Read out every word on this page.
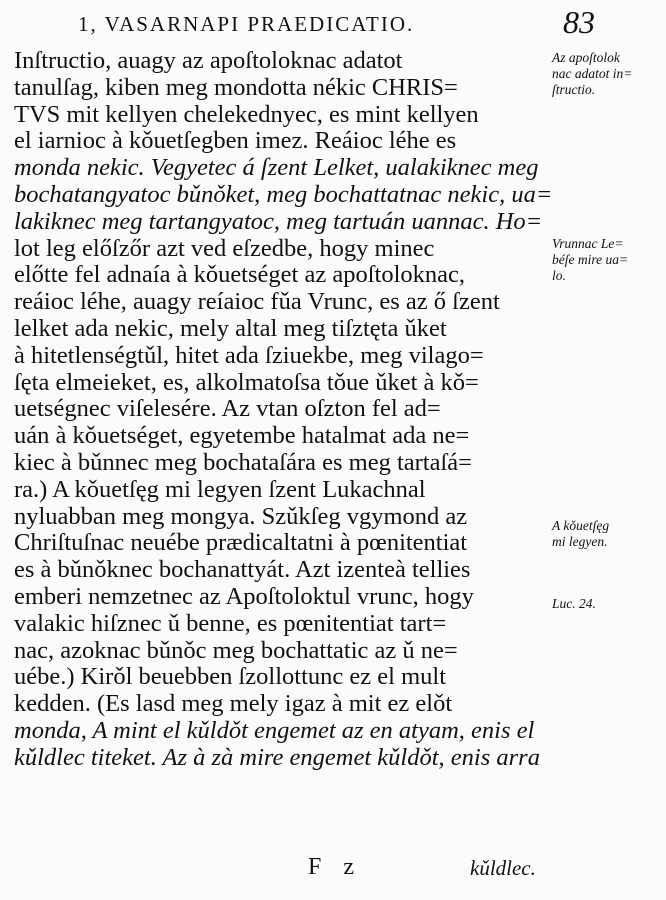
1, VASARNAPI PRAEDICATIO.	83
Inſtructio, auagy az apoſtoloknac adatot
tanulſag, kiben meg mondotta nékic CHRIS=
TVS mit kellyen chelekednyec, es mint kellyen
el iarnioc à kǒuetſegben imez. Reáioc léhe es
monda nekic. Vegyetec á ſzent Lelket, ualakiknec meg
bochatangyatoc bǔnǒket, meg bochattatnac nekic, ua=
lakiknec meg tartangyatoc, meg tartuán uannac. Ho=
lot leg előſzőr azt ved eſzedbe, hogy minec
előtte fel adnaía à kǒuetséget az apoſtoloknac,
reáioc léhe, auagy reíaioc fǔa Vrunc, es az ő ſzent
lelket ada nekic, mely altal meg tiſztęta ǔket
à hitetlenségtǔl, hitet ada ſziuekbe, meg vilago=
ſęta elmeieket, es, alkolmatoſsa tǒue ǔket à kǒ=
uetségnec viſelesére. Az vtan oſzton fel ad=
uán à kǒuetséget, egyetembe hatalmat ada ne=
kiec à bǔnnec meg bochataſára es meg tartaſá=
ra.) A kǒuetſęg mi legyen ſzent Lukachnal
nyluabban meg mongya. Szǔkſeg vgymond az
Chriſtuſnac neuébe prædicaltatni à pœnitentiat
es à bǔnǒknec bochanattyát. Azt izenteà tellies
emberi nemzetnec az Apoſtoloktul vrunc, hogy
valakic hiſznec ǔ benne, es pœnitentiat tart=
nac, azoknac bǔnǒc meg bochattatic az ǔ ne=
uébe.) Kirǒl beuebben ſzollottunc ez el mult
kedden. (Es lasd meg mely igaz à mit ez elǒt
monda, A mint el kǔldǒt engemet az en atyam, enis el
kǔldlec titeket. Az à zà mire engemet kǔldǒt, enis arra
Az apoſtolok
nac adatot in=
ſtructio.
Vrunnac Le=
béſe mire ua=
lo.
A kǒuetſęg
mi legyen.
Luc. 24.
F z	kǔldlec.
